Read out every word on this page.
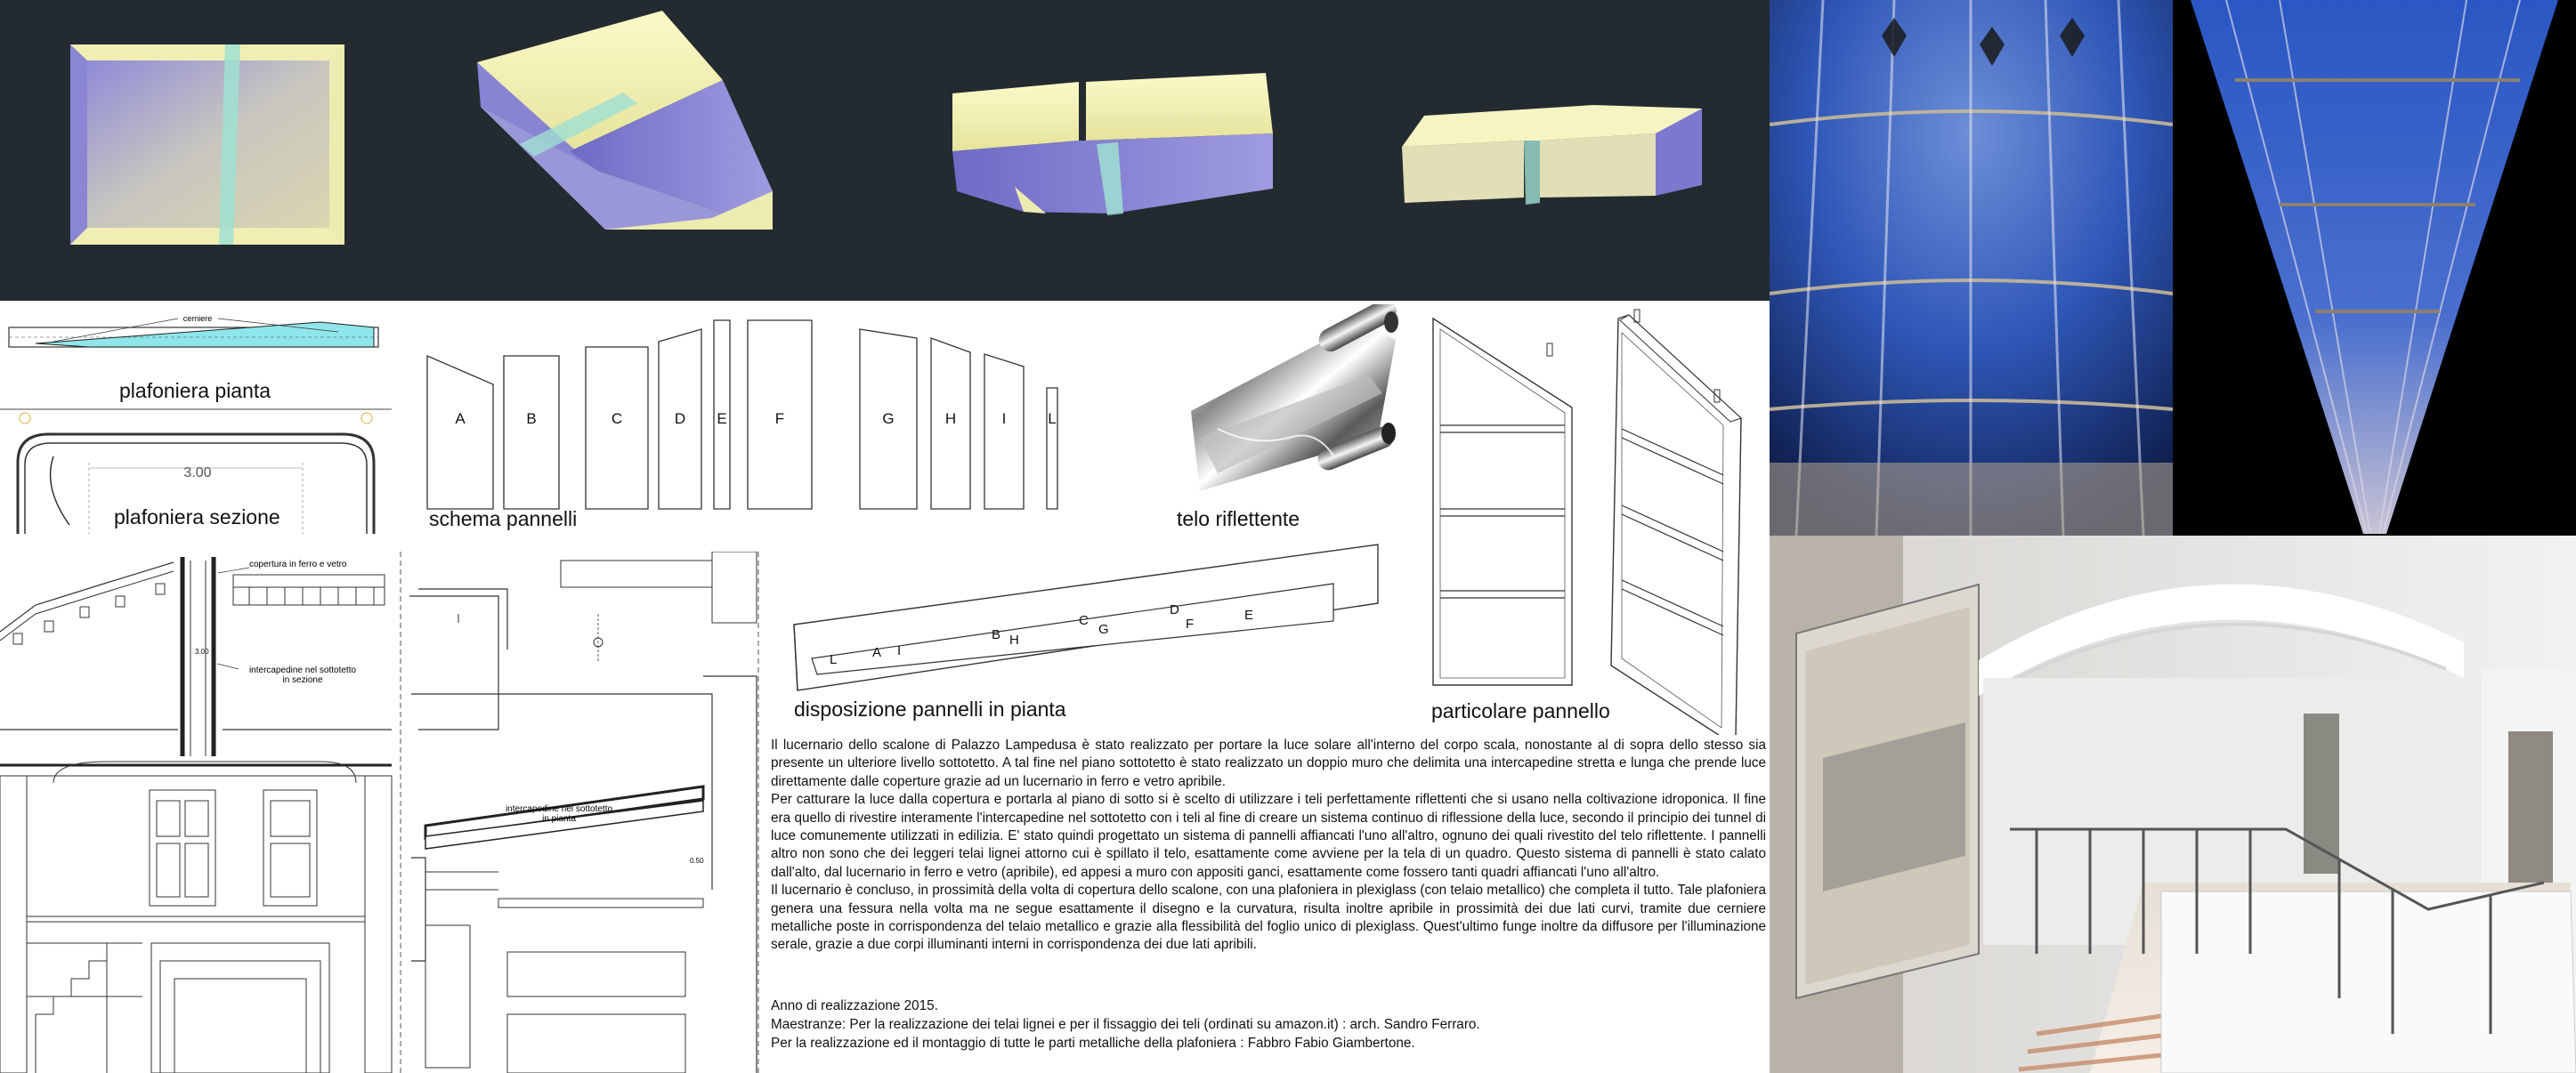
cerniere
plafoniera pianta
3.00
plafoniera sezione
A	B	C	D E	F	G	H	I	L
schema pannelli	telo riflettente
particolare pannello
L	A I
B H
C
G
D
F
E
disposizione pannelli in pianta
3.00
copertura in ferro e vetro
intercapedine nel sottotetto
in sezione
0.50
intercapedine nel sottotetto
in pianta

Il lucernario dello scalone di Palazzo Lampedusa è stato realizzato per portare la luce solare all'interno del corpo scala, nonostante al di sopra dello stesso sia presente un ulteriore livello sottotetto. A tal fine nel piano sottotetto è stato realizzato un doppio muro che delimita una intercapedine stretta e lunga che prende luce direttamente dalle coperture grazie ad un lucernario in ferro e vetro apribile.

Per catturare la luce dalla copertura e portarla al piano di sotto si è scelto di utilizzare i teli perfettamente riflettenti che si usano nella coltivazione idroponica. Il fine era quello di rivestire interamente l'intercapedine nel sottotetto con i teli al fine di creare un sistema continuo di riflessione della luce, secondo il principio dei tunnel di luce comunemente utilizzati in edilizia. E' stato quindi progettato un sistema di pannelli affiancati l'uno all'altro, ognuno dei quali rivestito del telo riflettente. I pannelli altro non sono che dei leggeri telai lignei attorno cui è spillato il telo, esattamente come avviene per la tela di un quadro. Questo sistema di pannelli è stato calato dall'alto, dal lucernario in ferro e vetro (apribile), ed appesi a muro con appositi ganci, esattamente come fossero tanti quadri affiancati l'uno all'altro.

Il lucernario è concluso, in prossimità della volta di copertura dello scalone, con una plafoniera in plexiglass (con telaio metallico) che completa il tutto. Tale plafoniera genera una fessura nella volta ma ne segue esattamente il disegno e la curvatura, risulta inoltre apribile in prossimità dei due lati curvi, tramite due cerniere metalliche poste in corrispondenza del telaio metallico e grazie alla flessibilità del foglio unico di plexiglass. Quest'ultimo funge inoltre da diffusore per l'illuminazione serale, grazie a due corpi illuminanti interni in corrispondenza dei due lati apribili.

Anno di realizzazione 2015.

Maestranze: Per la realizzazione dei telai lignei e per il fissaggio dei teli (ordinati su amazon.it) : arch. Sandro Ferraro.

Per la realizzazione ed il montaggio di tutte le parti metalliche della plafoniera : Fabbro Fabio Giambertone.
